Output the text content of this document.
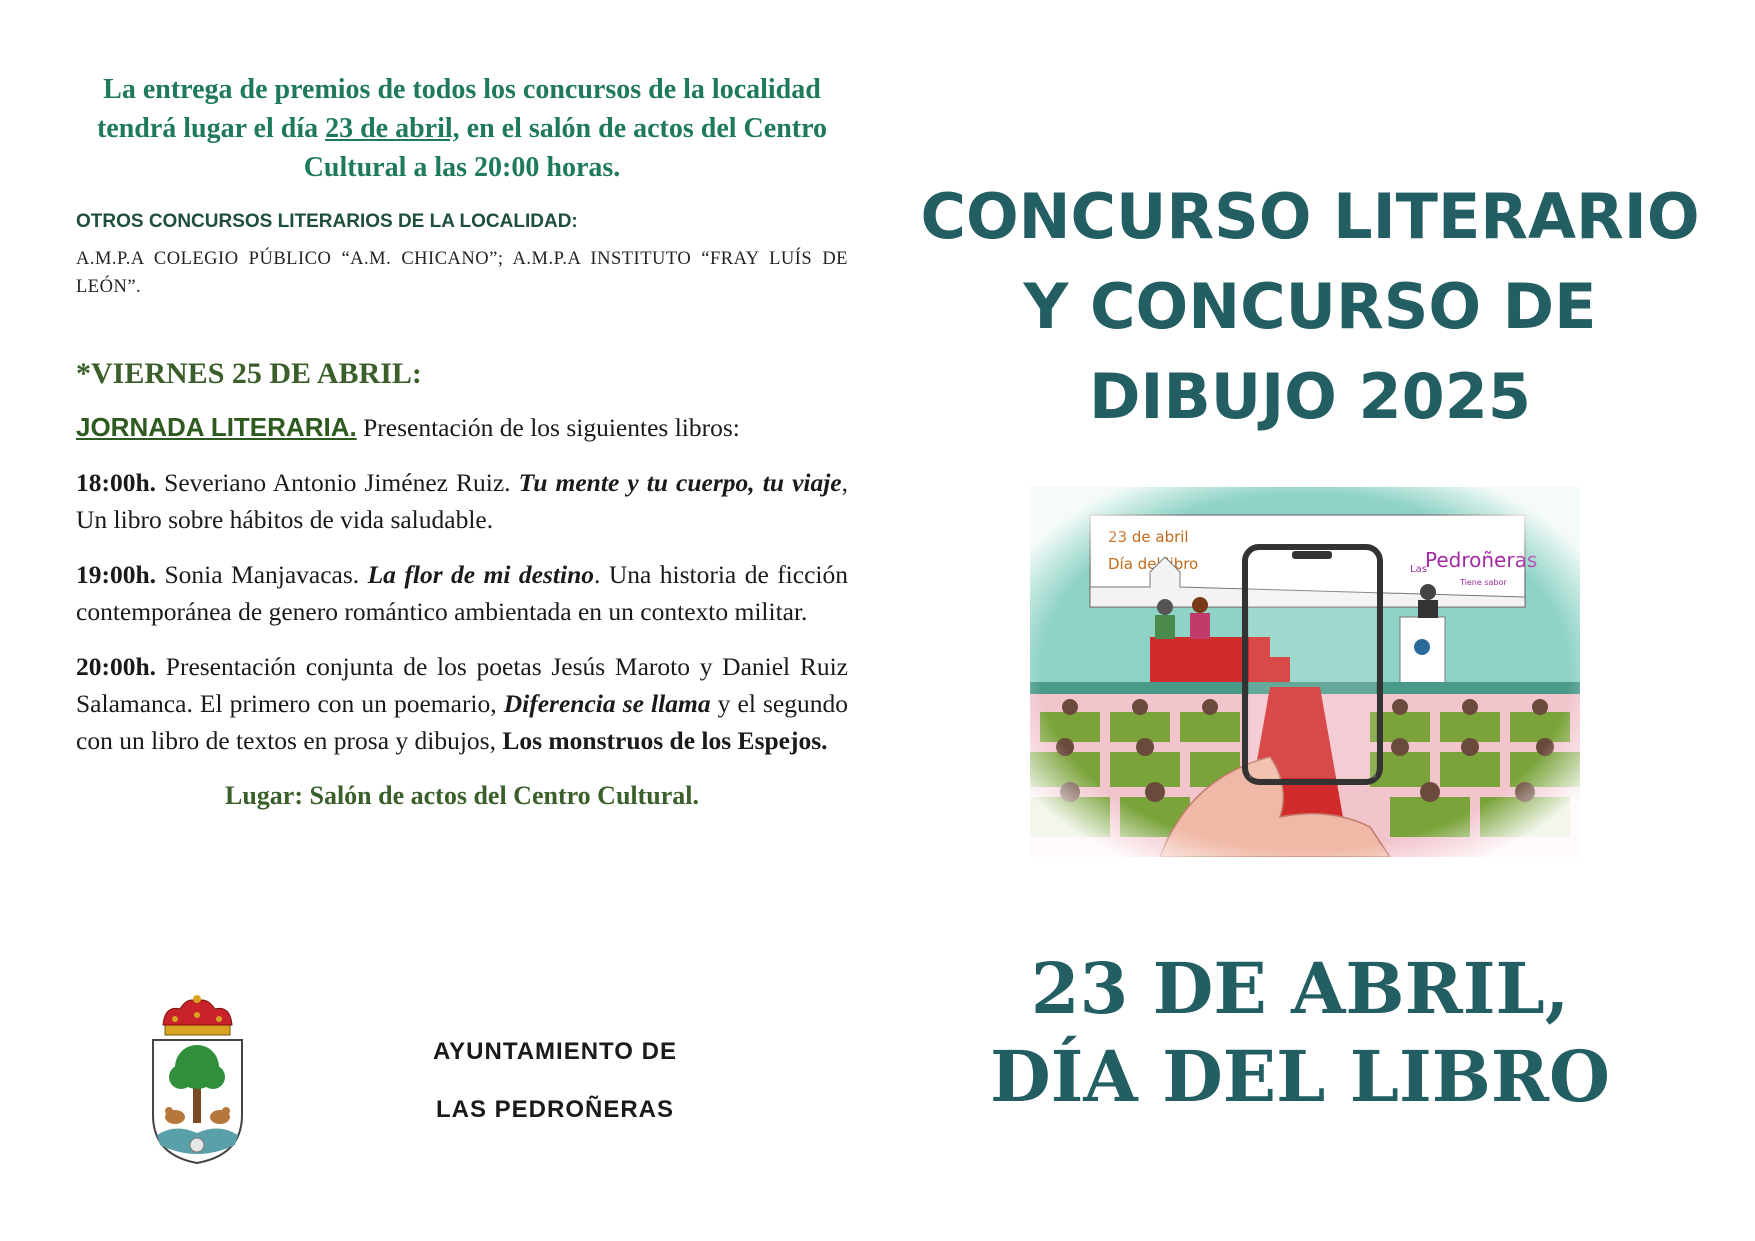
La entrega de premios de todos los concursos de la localidad tendrá lugar el día 23 de abril, en el salón de actos del Centro Cultural a las 20:00 horas.

OTROS CONCURSOS LITERARIOS DE LA LOCALIDAD:

A.M.P.A COLEGIO PÚBLICO “A.M. CHICANO”; A.M.P.A INSTITUTO “FRAY LUÍS DE LEÓN”.

*VIERNES 25 DE ABRIL:

JORNADA LITERARIA. Presentación de los siguientes libros:

18:00h. Severiano Antonio Jiménez Ruiz. Tu mente y tu cuerpo, tu viaje, Un libro sobre hábitos de vida saludable.

19:00h. Sonia Manjavacas. La flor de mi destino. Una historia de ficción contemporánea de genero romántico ambientada en un contexto militar.

20:00h. Presentación conjunta de los poetas Jesús Maroto y Daniel Ruiz Salamanca. El primero con un poemario, Diferencia se llama y el segundo con un libro de textos en prosa y dibujos, Los monstruos de los Espejos.

Lugar: Salón de actos del Centro Cultural.

AYUNTAMIENTO DE
LAS PEDROÑERAS
CONCURSO LITERARIO
Y CONCURSO DE
DIBUJO 2025
23 DE ABRIL,
DÍA DEL LIBRO
